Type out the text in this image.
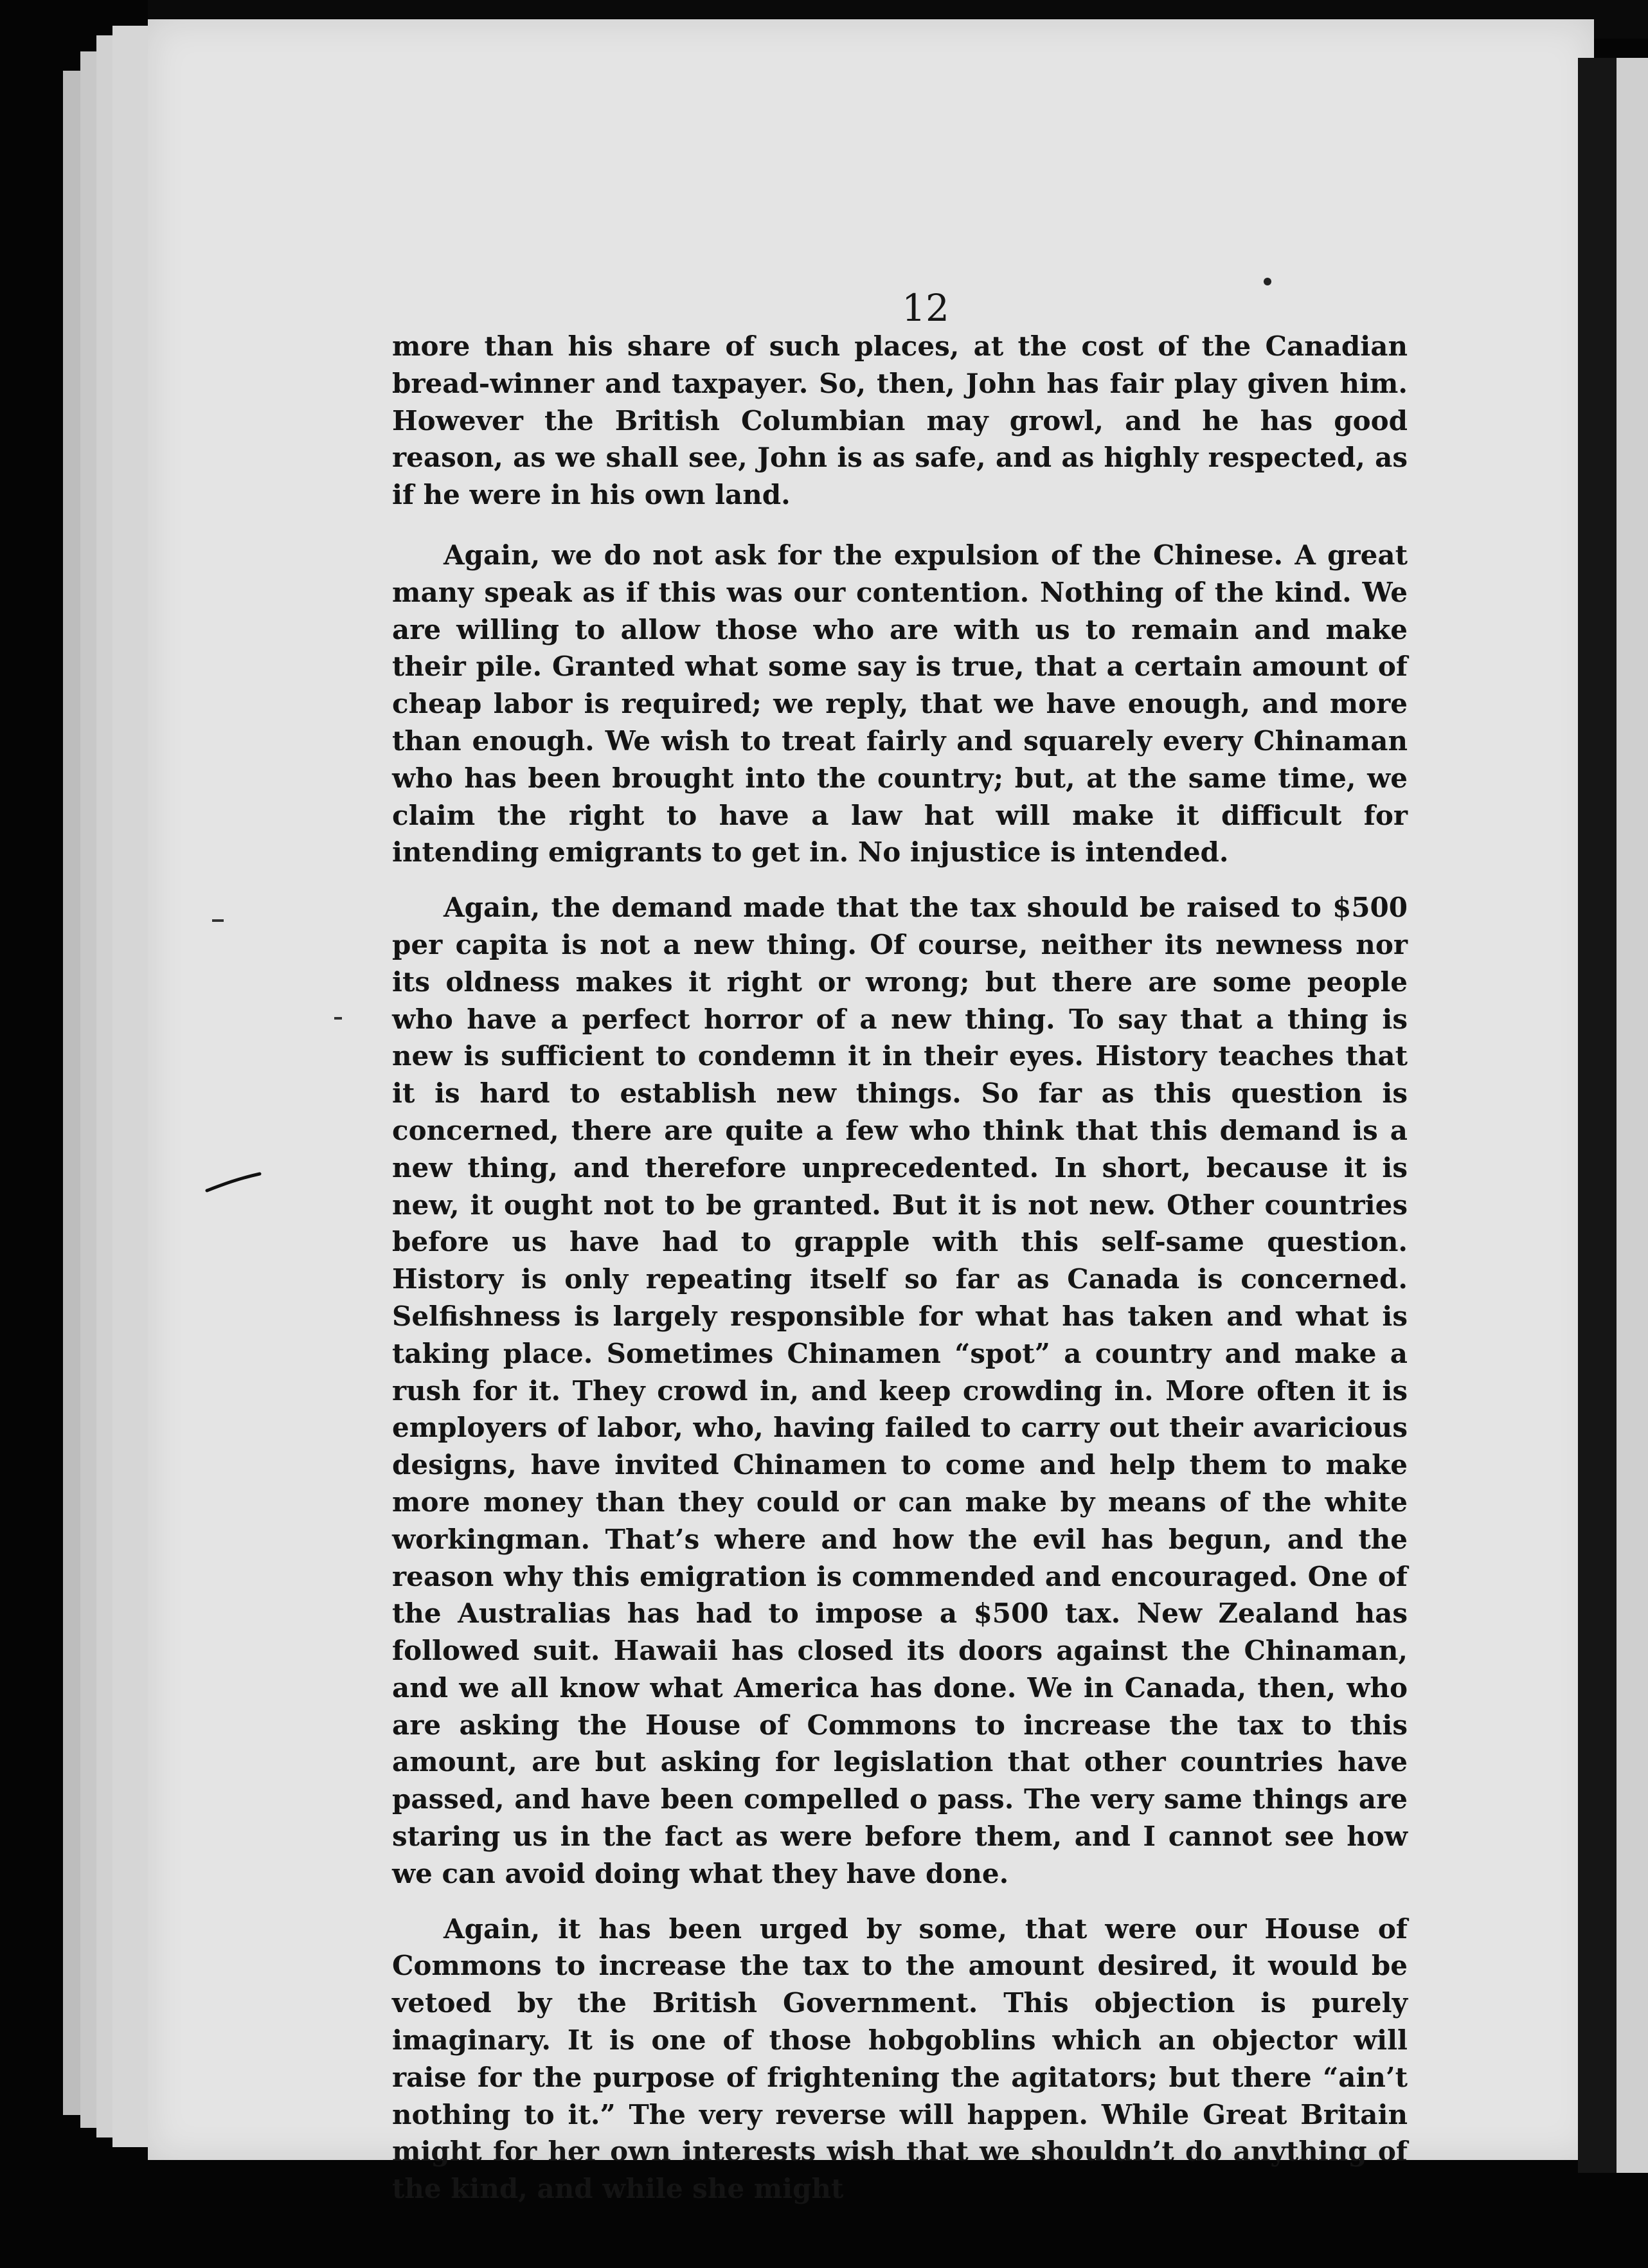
12

more than his share of such places, at the cost of the Canadian bread-winner and taxpayer. So, then, John has fair play given him. However the British Columbian may growl, and he has good reason, as we shall see, John is as safe, and as highly respected, as if he were in his own land.

Again, we do not ask for the expulsion of the Chinese. A great many speak as if this was our contention. Nothing of the kind. We are willing to allow those who are with us to remain and make their pile. Granted what some say is true, that a certain amount of cheap labor is required; we reply, that we have enough, and more than enough. We wish to treat fairly and squarely every Chinaman who has been brought into the country; but, at the same time, we claim the right to have a law hat will make it difficult for intending emigrants to get in. No injustice is intended.

Again, the demand made that the tax should be raised to $500 per capita is not a new thing. Of course, neither its newness nor its oldness makes it right or wrong; but there are some people who have a perfect horror of a new thing. To say that a thing is new is sufficient to condemn it in their eyes. History teaches that it is hard to establish new things. So far as this question is concerned, there are quite a few who think that this demand is a new thing, and therefore unprecedented. In short, because it is new, it ought not to be granted. But it is not new. Other countries before us have had to grapple with this self-same question. History is only repeating itself so far as Canada is concerned. Selfishness is largely responsible for what has taken and what is taking place. Sometimes Chinamen “spot” a country and make a rush for it. They crowd in, and keep crowding in. More often it is employers of labor, who, having failed to carry out their avaricious designs, have invited Chinamen to come and help them to make more money than they could or can make by means of the white workingman. That’s where and how the evil has begun, and the reason why this emigration is commended and encouraged. One of the Australias has had to impose a $500 tax. New Zealand has followed suit. Hawaii has closed its doors against the Chinaman, and we all know what America has done. We in Canada, then, who are asking the House of Commons to increase the tax to this amount, are but asking for legislation that other countries have passed, and have been compelled o pass. The very same things are staring us in the fact as were before them, and I cannot see how we can avoid doing what they have done.

Again, it has been urged by some, that were our House of Commons to increase the tax to the amount desired, it would be vetoed by the British Government. This objection is purely imaginary. It is one of those hobgoblins which an objector will raise for the purpose of frightening the agitators; but there “ain’t nothing to it.” The very reverse will happen. While Great Britain might for her own interests wish that we shouldn’t do anything of the kind, and while she might
